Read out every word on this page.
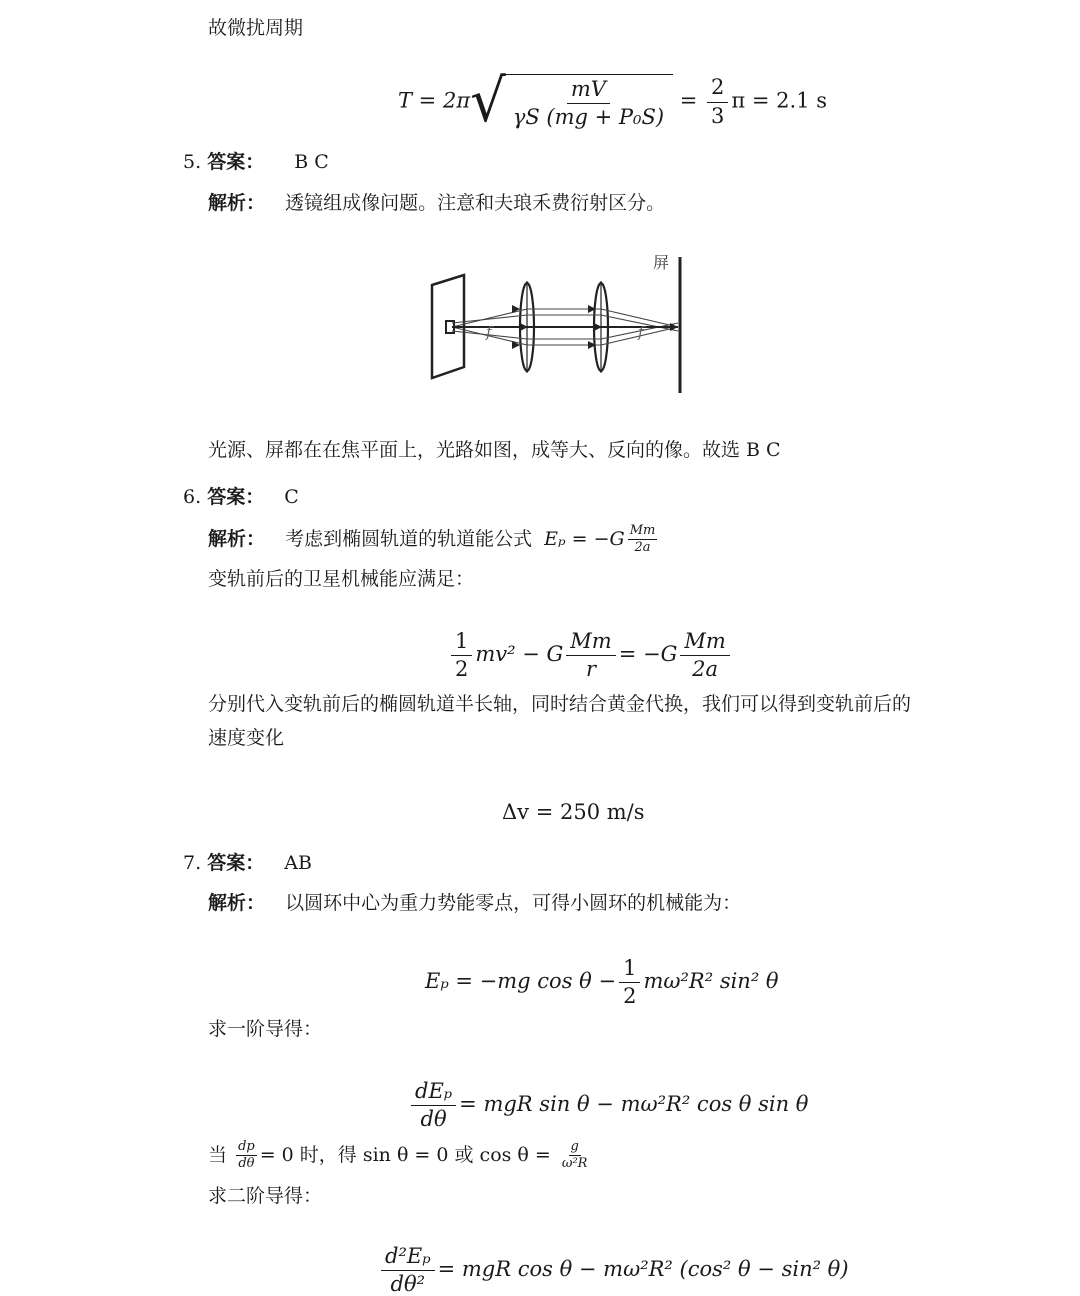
故微扰周期
T = 2π √ $\frac{mV}{\text{γS (mg + P₀S)}} = \frac{2}{3}$ π = 2.1 s
5. 答案： B C
解析： 透镜组成像问题。注意和夫琅禾费衍射区分。
f	f
屏
光源、屏都在在焦平面上，光路如图，成等大、反向的像。故选 B C
6. 答案： C
解析： 考虑到椭圆轨道的轨道能公式 $E_p = -G \frac{Mm}{2a}$
变轨前后的卫星机械能应满足：
$\frac{1}{2} mv^2 - G \frac{Mm}{r} = -G \frac{Mm}{2a}$
分别代入变轨前后的椭圆轨道半长轴，同时结合黄金代换，我们可以得到变轨前后的
速度变化
Δv = 250 m/s
7. 答案： AB
解析： 以圆环中心为重力势能零点，可得小圆环的机械能为：
Eₚ = −mg $\cos \theta - \frac{1}{2} m\omega^2R^2$ sin² θ
求一阶导得：
$\frac{\text{dEₚ}}{d\theta}$ = mgR sin θ − mω²R² cos θ sin θ
当 $\frac{dp}{d\theta} = 0$ 时，得 sin θ = 0 或 $\cos \theta = \frac{g}{\text{ω²R}}$
求二阶导得：
$\frac{\text{d²Eₚ}}{\text{dθ²}}$ = mgR cos θ − mω²R² (cos² θ − sin² θ)
